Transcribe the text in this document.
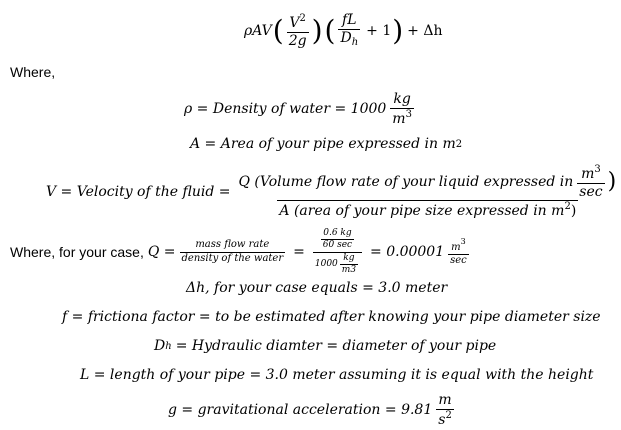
ρAV ( $\frac{V^2}{2g}$ ) ( $\frac{fL}{D_h} + 1$ ) + Δh
Where,
ρ = Density of water = $1000 \frac{kg}{m^3}$
A = Area of your pipe expressed in m 2
V = Velocity of the fluid =
Q (Volume flow rate of your liquid expressed in $\frac{m^3}{\sec}$ )
A (area of your pipe size expressed in $m^2$)
Where, for your case, $Q = \frac{\text{mass flow rate}}{\text{density of the water}} = \frac{\frac{0.6 kg}{60 \sec}}{1000 \frac{kg}{m3}} = 0.00001 \frac{m^3}{\sec}$
Δh, for your case equals = 3.0 meter
f = frictiona factor = to be estimated after knowing your pipe diameter size
D h = Hydraulic diamter = diameter of your pipe
L = length of your pipe = 3.0 meter assuming it is equal with the height
g = gravitational acceleration = $9.81 \frac{m}{s^2}$
